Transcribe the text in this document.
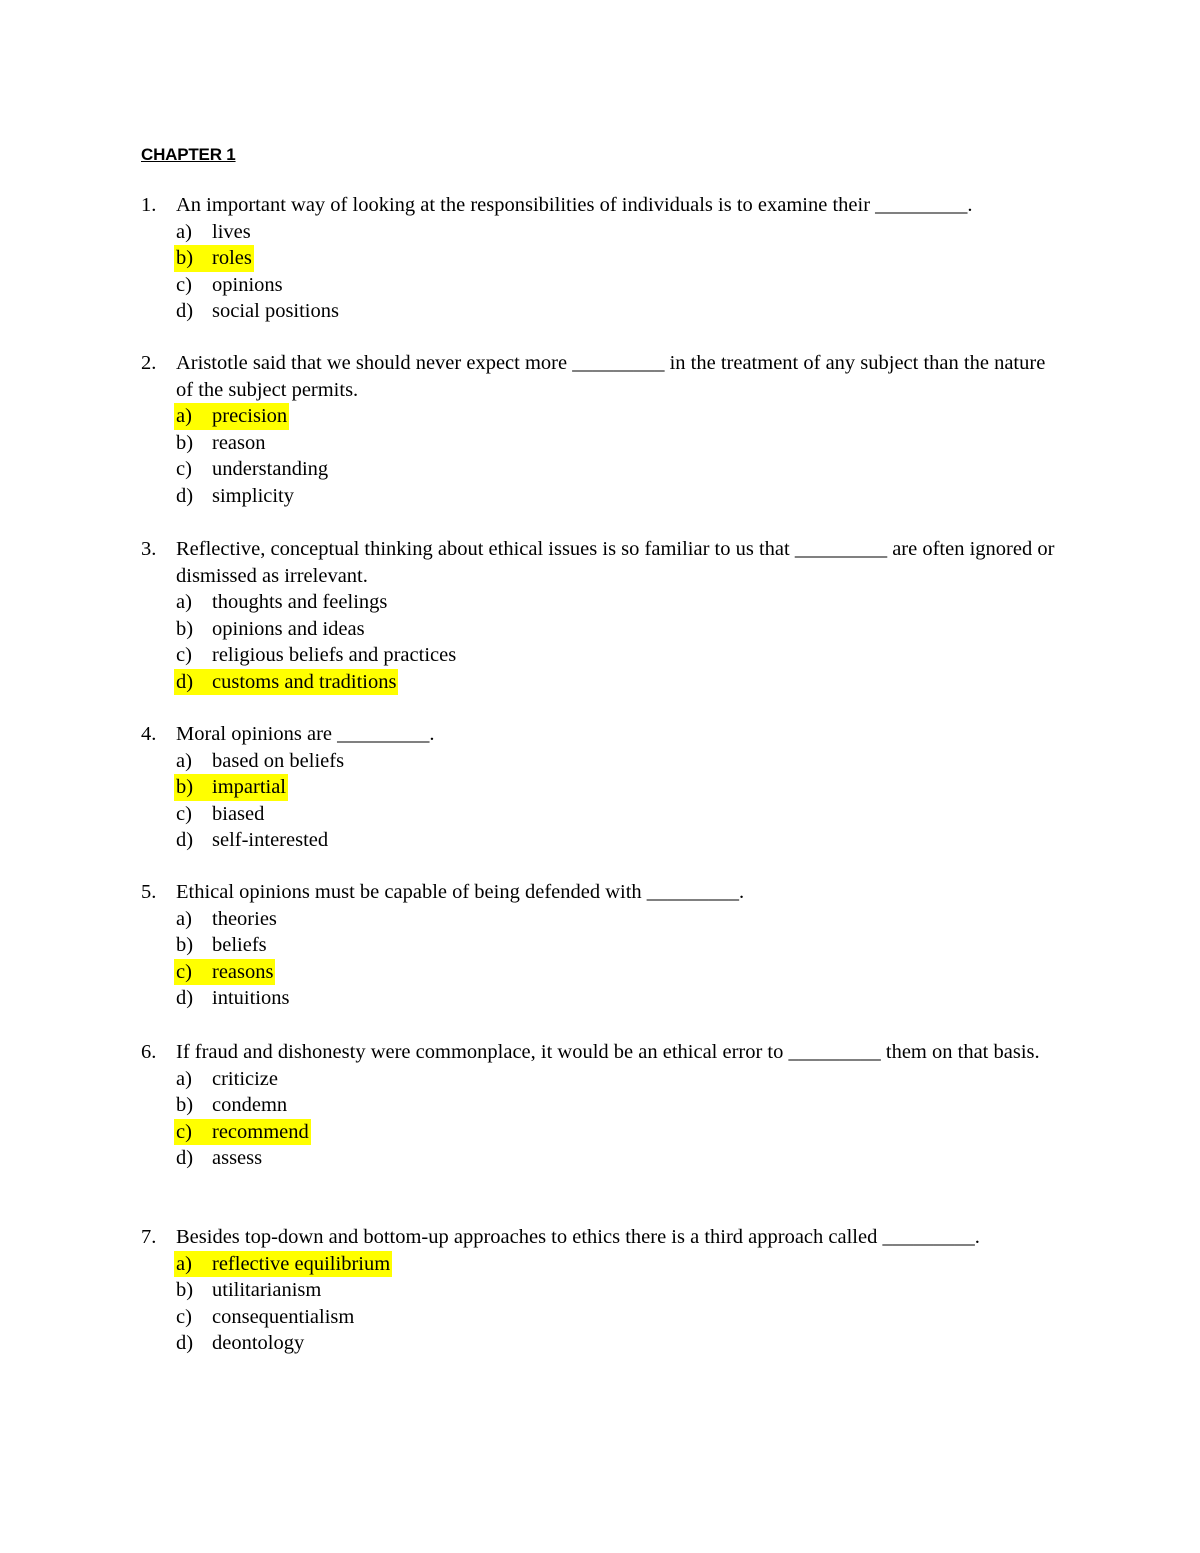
CHAPTER 1
1. An important way of looking at the responsibilities of individuals is to examine their _________.
a) lives
b) roles
c) opinions
d) social positions
2. Aristotle said that we should never expect more _________ in the treatment of any subject than the nature of the subject permits.
a) precision
b) reason
c) understanding
d) simplicity
3. Reflective, conceptual thinking about ethical issues is so familiar to us that _________ are often ignored or dismissed as irrelevant.
a) thoughts and feelings
b) opinions and ideas
c) religious beliefs and practices
d) customs and traditions
4. Moral opinions are _________.
a) based on beliefs
b) impartial
c) biased
d) self-interested
5. Ethical opinions must be capable of being defended with _________.
a) theories
b) beliefs
c) reasons
d) intuitions
6. If fraud and dishonesty were commonplace, it would be an ethical error to _________ them on that basis.
a) criticize
b) condemn
c) recommend
d) assess
7. Besides top-down and bottom-up approaches to ethics there is a third approach called _________.
a) reflective equilibrium
b) utilitarianism
c) consequentialism
d) deontology
